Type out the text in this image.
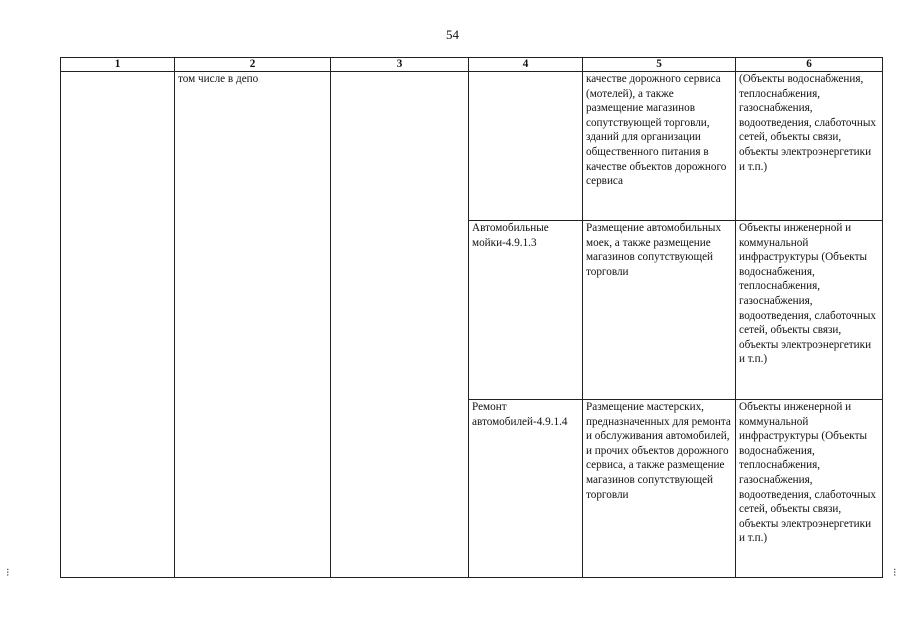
54
⁝	⁝
1	2	3	4	5	6
	том числе в депо			качестве дорожного сервиса (мотелей), а также размещение магазинов сопутствующей торговли, зданий для организации общественного питания в качестве объектов дорожного сервиса	(Объекты водоснабжения, теплоснабжения, газоснабжения, водоотведения, слаботочных сетей, объекты связи, объекты электроэнергетики и т.п.)
			Автомобильные мойки-4.9.1.3	Размещение автомобильных моек, а также размещение магазинов сопутствующей торговли	Объекты инженерной и коммунальной инфраструктуры (Объекты водоснабжения, теплоснабжения, газоснабжения, водоотведения, слаботочных сетей, объекты связи, объекты электроэнергетики и т.п.)
			Ремонт автомобилей-4.9.1.4	Размещение мастерских, предназначенных для ремонта и обслуживания автомобилей, и прочих объектов дорожного сервиса, а также размещение магазинов сопутствующей торговли	Объекты инженерной и коммунальной инфраструктуры (Объекты водоснабжения, теплоснабжения, газоснабжения, водоотведения, слаботочных сетей, объекты связи, объекты электроэнергетики и т.п.)
